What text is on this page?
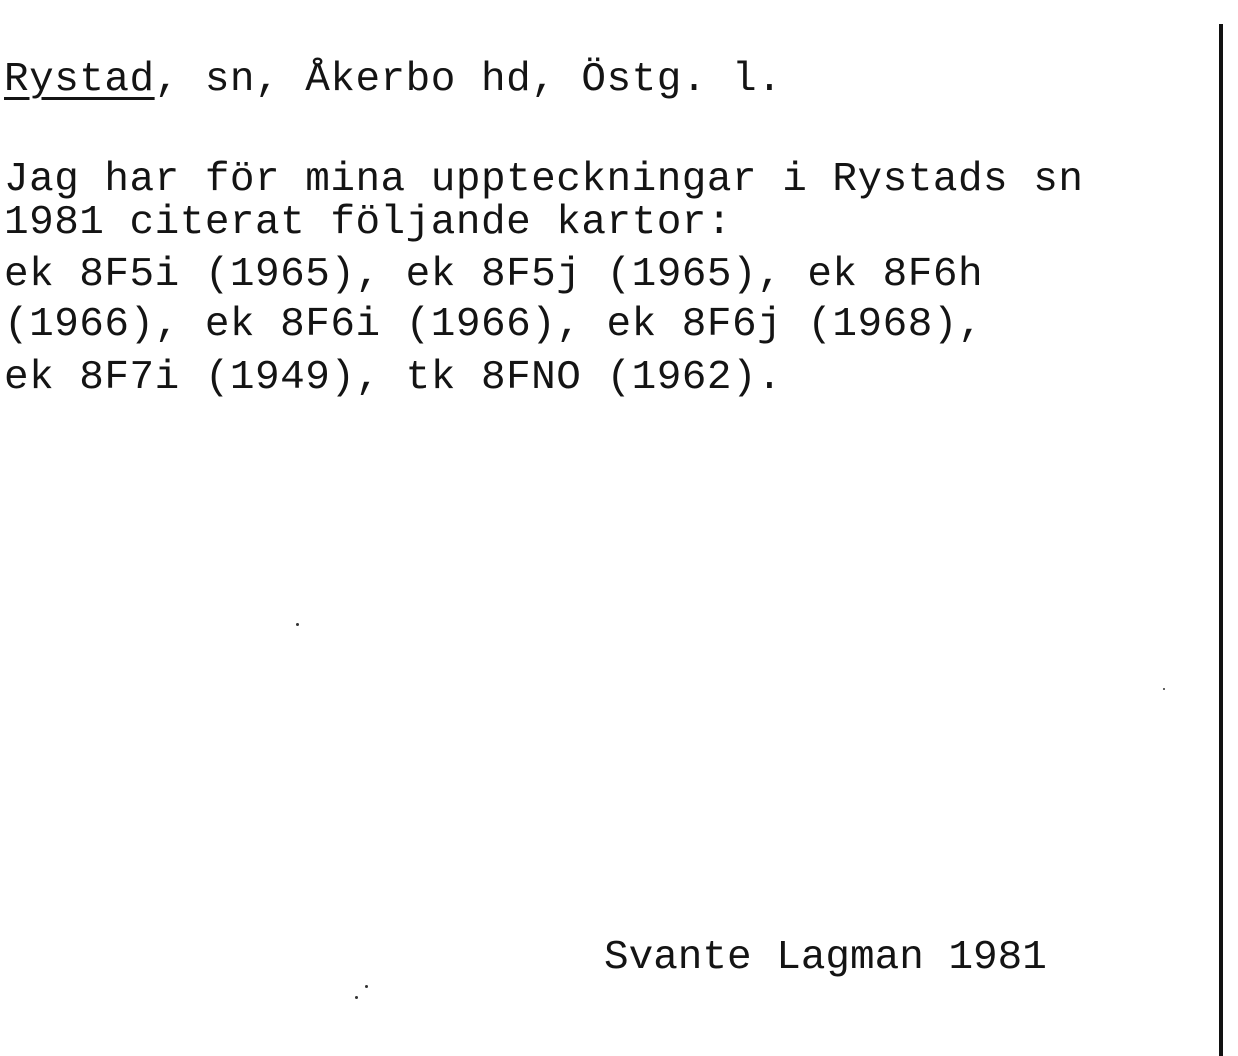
Rystad, sn, Åkerbo hd, Östg. l.

Jag har för mina uppteckningar i Rystads sn

1981 citerat följande kartor:

ek 8F5i (1965), ek 8F5j (1965), ek 8F6h

(1966), ek 8F6i (1966), ek 8F6j (1968),

ek 8F7i (1949), tk 8FNO (1962).

Svante Lagman 1981
